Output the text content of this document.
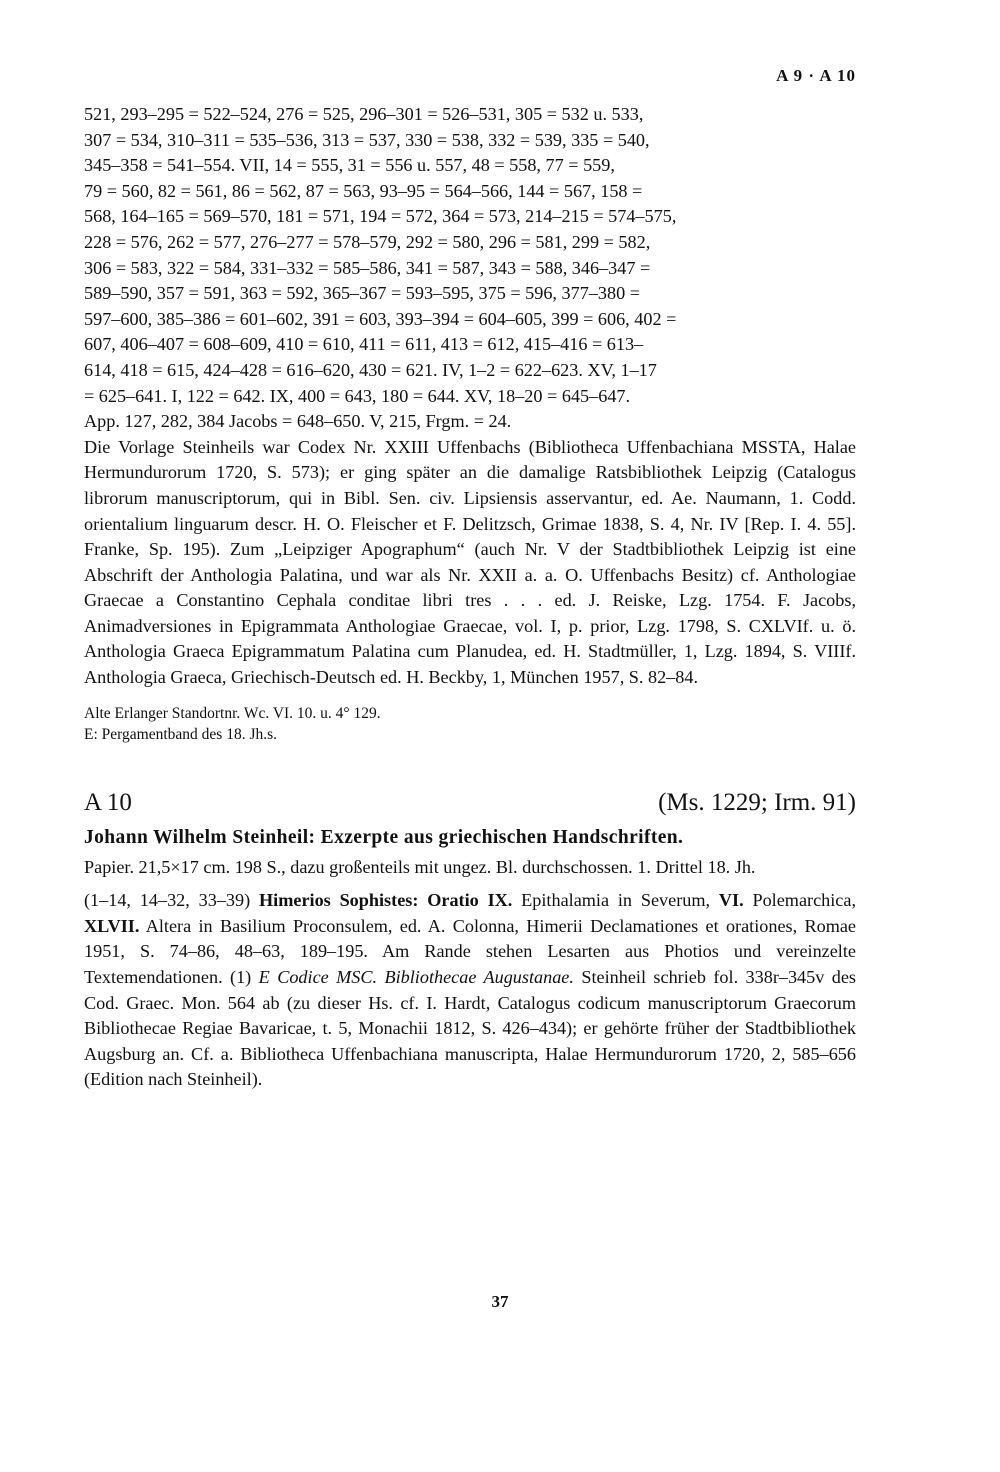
A 9 · A 10

521, 293–295 = 522–524, 276 = 525, 296–301 = 526–531, 305 = 532 u. 533,

307 = 534, 310–311 = 535–536, 313 = 537, 330 = 538, 332 = 539, 335 = 540,

345–358 = 541–554. VII, 14 = 555, 31 = 556 u. 557, 48 = 558, 77 = 559,

79 = 560, 82 = 561, 86 = 562, 87 = 563, 93–95 = 564–566, 144 = 567, 158 =

568, 164–165 = 569–570, 181 = 571, 194 = 572, 364 = 573, 214–215 = 574–575,

228 = 576, 262 = 577, 276–277 = 578–579, 292 = 580, 296 = 581, 299 = 582,

306 = 583, 322 = 584, 331–332 = 585–586, 341 = 587, 343 = 588, 346–347 =

589–590, 357 = 591, 363 = 592, 365–367 = 593–595, 375 = 596, 377–380 =

597–600, 385–386 = 601–602, 391 = 603, 393–394 = 604–605, 399 = 606, 402 =

607, 406–407 = 608–609, 410 = 610, 411 = 611, 413 = 612, 415–416 = 613–

614, 418 = 615, 424–428 = 616–620, 430 = 621. IV, 1–2 = 622–623. XV, 1–17

= 625–641. I, 122 = 642. IX, 400 = 643, 180 = 644. XV, 18–20 = 645–647.

App. 127, 282, 384 Jacobs = 648–650. V, 215, Frgm. = 24.

Die Vorlage Steinheils war Codex Nr. XXIII Uffenbachs (Bibliotheca Uffenbachiana MSSTA, Halae Hermundurorum 1720, S. 573); er ging später an die damalige Ratsbibliothek Leipzig (Catalogus librorum manuscriptorum, qui in Bibl. Sen. civ. Lipsiensis asservantur, ed. Ae. Naumann, 1. Codd. orientalium linguarum descr. H. O. Fleischer et F. Delitzsch, Grimae 1838, S. 4, Nr. IV [Rep. I. 4. 55]. Franke, Sp. 195). Zum „Leipziger Apographum“ (auch Nr. V der Stadtbibliothek Leipzig ist eine Abschrift der Anthologia Palatina, und war als Nr. XXII a. a. O. Uffenbachs Besitz) cf. Anthologiae Graecae a Constantino Cephala conditae libri tres . . . ed. J. Reiske, Lzg. 1754. F. Jacobs, Animadversiones in Epigrammata Anthologiae Graecae, vol. I, p. prior, Lzg. 1798, S. CXLVIf. u. ö. Anthologia Graeca Epigrammatum Palatina cum Planudea, ed. H. Stadtmüller, 1, Lzg. 1894, S. VIIIf. Anthologia Graeca, Griechisch-Deutsch ed. H. Beckby, 1, München 1957, S. 82–84.

Alte Erlanger Standortnr. Wc. VI. 10. u. 4° 129.

E: Pergamentband des 18. Jh.s.

A 10	(Ms. 1229; Irm. 91)
Johann Wilhelm Steinheil: Exzerpte aus griechischen Handschriften.
Papier. 21,5×17 cm. 198 S., dazu großenteils mit ungez. Bl. durchschossen. 1. Drittel 18. Jh.
(1–14, 14–32, 33–39) Himerios Sophistes: Oratio IX. Epithalamia in Severum, VI. Polemarchica, XLVII. Altera in Basilium Proconsulem, ed. A. Colonna, Himerii Declamationes et orationes, Romae 1951, S. 74–86, 48–63, 189–195. Am Rande stehen Lesarten aus Photios und vereinzelte Textemendationen. (1) E Codice MSC. Bibliothecae Augustanae. Steinheil schrieb fol. 338r–345v des Cod. Graec. Mon. 564 ab (zu dieser Hs. cf. I. Hardt, Catalogus codicum manuscriptorum Graecorum Bibliothecae Regiae Bavaricae, t. 5, Monachii 1812, S. 426–434); er gehörte früher der Stadtbibliothek Augsburg an. Cf. a. Bibliotheca Uffenbachiana manuscripta, Halae Hermundurorum 1720, 2, 585–656 (Edition nach Steinheil).
37
